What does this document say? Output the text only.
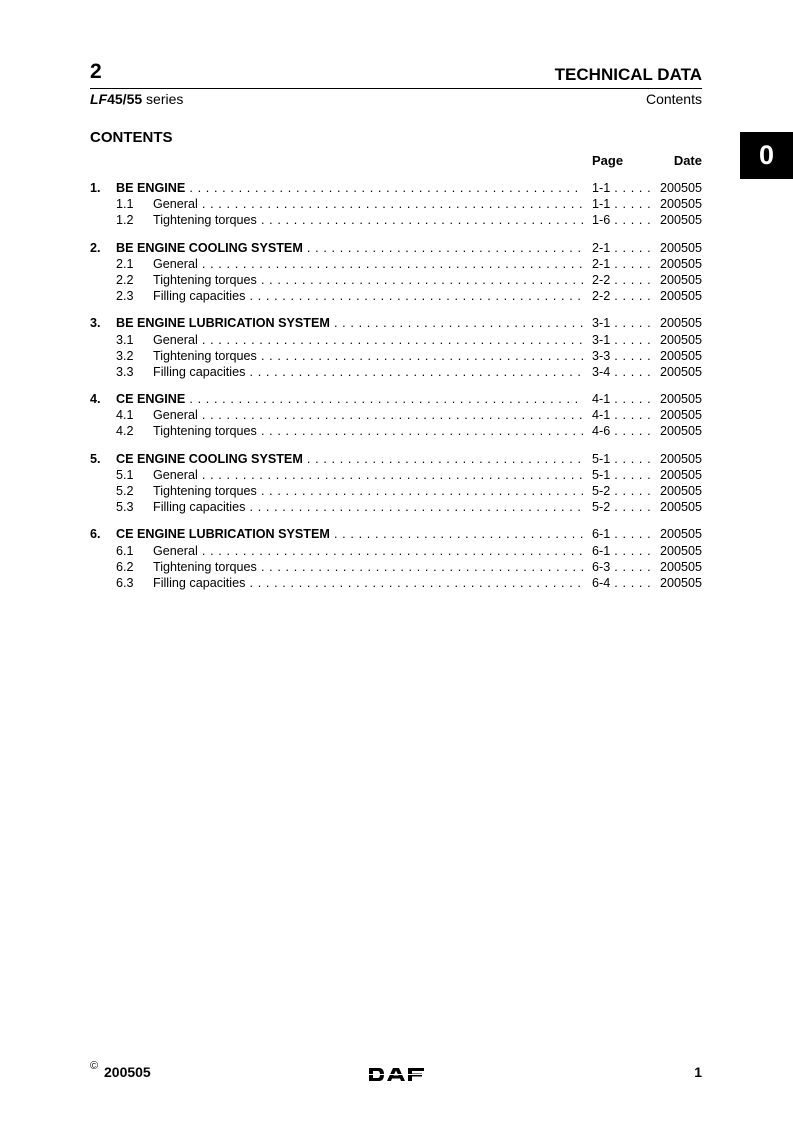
2	TECHNICAL DATA
LF45/55 series	Contents
0
CONTENTS
Page	Date
1. BE ENGINE . . .	1-1 . . .	200505
1.1 General . . .	1-1 . . .	200505
1.2 Tightening torques . . .	1-6 . . .	200505
2. BE ENGINE COOLING SYSTEM . . .	2-1 . . .	200505
2.1 General . . .	2-1 . . .	200505
2.2 Tightening torques . . .	2-2 . . .	200505
2.3 Filling capacities . . .	2-2 . . .	200505
3. BE ENGINE LUBRICATION SYSTEM . . .	3-1 . . .	200505
3.1 General . . .	3-1 . . .	200505
3.2 Tightening torques . . .	3-3 . . .	200505
3.3 Filling capacities . . .	3-4 . . .	200505
4. CE ENGINE . . .	4-1 . . .	200505
4.1 General . . .	4-1 . . .	200505
4.2 Tightening torques . . .	4-6 . . .	200505
5. CE ENGINE COOLING SYSTEM . . .	5-1 . . .	200505
5.1 General . . .	5-1 . . .	200505
5.2 Tightening torques . . .	5-2 . . .	200505
5.3 Filling capacities . . .	5-2 . . .	200505
6. CE ENGINE LUBRICATION SYSTEM . . .	6-1 . . .	200505
6.1 General . . .	6-1 . . .	200505
6.2 Tightening torques . . .	6-3 . . .	200505
6.3 Filling capacities . . .	6-4 . . .	200505
© 200505	1
